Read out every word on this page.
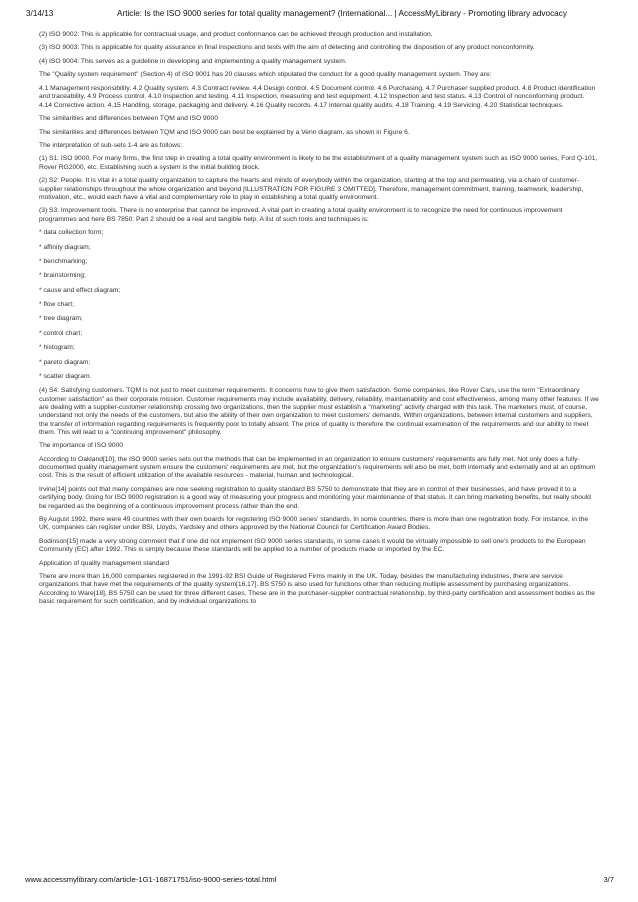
3/14/13	Article: Is the ISO 9000 series for total quality management? (International... | AccessMyLibrary - Promoting library advocacy

(2) ISO 9002: This is applicable for contractual usage, and product conformance can be achieved through production and installation.

(3) ISO 9003: This is applicable for quality assurance in final inspections and tests with the aim of detecting and controlling the disposition of any product nonconformity.

(4) ISO 9004: This serves as a guideline in developing and implementing a quality management system.

The "Quality system requirement" (Section 4) of ISO 9001 has 20 clauses which stipulated the conduct for a good quality management system. They are:

4.1 Management responsibility. 4.2 Quality system. 4.3 Contract review. 4.4 Design control. 4.5 Document control. 4.6 Purchasing. 4.7 Purchaser supplied product. 4.8 Product identification and traceability. 4.9 Process control. 4.10 Inspection and testing. 4.11 Inspection, measuring and test equipment. 4.12 Inspection and test status. 4.13 Control of nonconforming product. 4.14 Corrective action. 4.15 Handling, storage, packaging and delivery. 4.16 Quality records. 4.17 Internal quality audits. 4.18 Training. 4.19 Servicing. 4.20 Statistical techniques.

The similarities and differences between TQM and ISO 9000

The similarities and differences between TQM and ISO 9000 can best be explained by a Venn diagram, as shown in Figure 6.

The interpretation of sub-sets 1-4 are as follows:

(1) S1: ISO 9000. For many firms, the first step in creating a total quality environment is likely to be the establishment of a quality management system such as ISO 9000 series, Ford Q-101, Rover RG2000, etc. Establishing such a system is the initial building block.

(2) S2: People. It is vital in a total quality organization to capture the hearts and minds of everybody within the organization, starting at the top and permeating, via a chain of customer-supplier relationships throughout the whole organization and beyond [ILLUSTRATION FOR FIGURE 3 OMITTED]. Therefore, management commitment, training, teamwork, leadership, motivation, etc., would each have a vital and complementary role to play in establishing a total quality environment.

(3) S3: Improvement tools. There is no enterprise that cannot be improved. A vital part in creating a total quality environment is to recognize the need for continuous improvement programmes and here BS 7850: Part 2 should be a real and tangible help. A list of such tools and techniques is:

* data collection form;

* affinity diagram;

* benchmarking;

* brainstorming;

* cause and effect diagram;

* flow chart;

* tree diagram;

* control chart;

* histogram;

* pareto diagram;

* scatter diagram.

(4) S4: Satisfying customers. TQM is not just to meet customer requirements. It concerns how to give them satisfaction. Some companies, like Rover Cars, use the term "Extraordinary customer satisfaction" as their corporate mission. Customer requirements may include availability, delivery, reliability, maintainability and cost effectiveness, among many other features. If we are dealing with a supplier-customer relationship crossing two organizations, then the supplier must establish a "marketing" activity charged with this task. The marketers must, of course, understand not only the needs of the customers, but also the ability of their own organization to meet customers' demands. Within organizations, between internal customers and suppliers, the transfer of information regarding requirements is frequently poor to totally absent. The price of quality is therefore the continual examination of the requirements and our ability to meet them. This will lead to a "continuing improvement" philosophy.

The importance of ISO 9000

According to Oakland[10], the ISO 9000 series sets out the methods that can be implemented in an organization to ensure customers' requirements are fully met. Not only does a fully-documented quality management system ensure the customers' requirements are met, but the organization's requirements will also be met, both internally and externally and at an optimum cost. This is the result of efficient utilization of the available resources - material, human and technological.

Irvine[14] points out that many companies are now seeking registration to quality standard BS 5750 to demonstrate that they are in control of their businesses, and have proved it to a certifying body. Going for ISO 9000 registration is a good way of measuring your progress and monitoring your maintenance of that status. It can bring marketing benefits, but really should be regarded as the beginning of a continuous improvement process rather than the end.

By August 1992, there were 49 countries with their own boards for registering ISO 9000 series' standards. In some countries, there is more than one registration body. For instance, in the UK, companies can register under BSI, Lloyds, Yardsley and others approved by the National Council for Certification Award Bodies.

Bodinson[15] made a very strong comment that if one did not implement ISO 9000 series standards, in some cases it would be virtually impossible to sell one's products to the European Community (EC) after 1992. This is simply because these standards will be applied to a number of products made or imported by the EC.

Application of quality management standard

There are more than 16,000 companies registered in the 1991-92 BSI Guide of Registered Firms mainly in the UK. Today, besides the manufacturing industries, there are service organizations that have met the requirements of the quality system[16,17]. BS 5750 is also used for functions other than reducing multiple assessment by purchasing organizations. According to Ware[18], BS 5750 can be used for three different cases. These are in the purchaser-supplier contractual relationship, by third-party certification and assessment bodies as the basic requirement for such certification, and by individual organizations to

www.accessmylibrary.com/article-1G1-16871751/iso-9000-series-total.html	3/7
